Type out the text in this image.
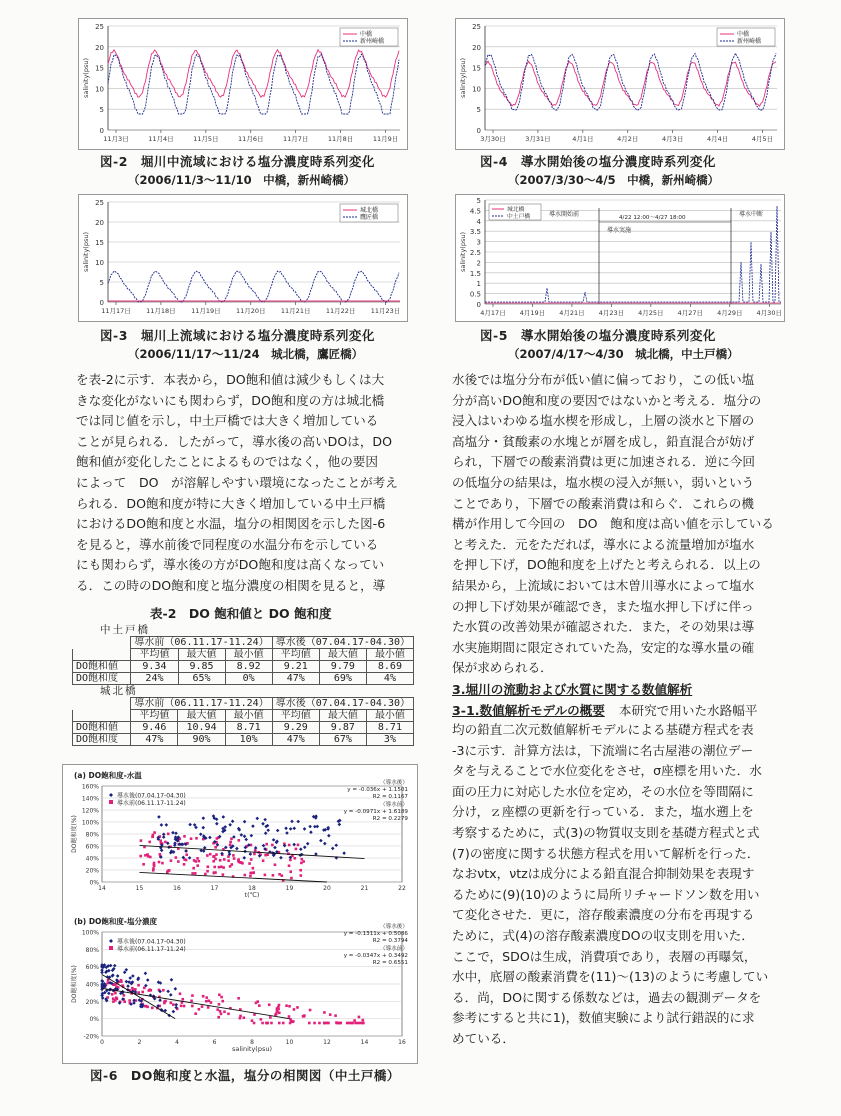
25
20
15
10
5
0
11月3日	11月4日	11月5日	11月6日	11月7日	11月8日	11月9日
salinity(psu)
中橋
新州崎橋
図-2　堀川中流域における塩分濃度時系列変化
（2006/11/3～11/10　中橋，新州崎橋）
25
20
15
10
5
0
11月17日 11月18日 11月19日 11月20日 11月21日 11月22日 11月23日
salinity(psu)
城北橋
鷹匠橋
図-3　堀川上流域における塩分濃度時系列変化
（2006/11/17～11/24　城北橋，鷹匠橋）
25
20
15
10
5
0
3月30日	3月31日	4月1日	4月2日	4月3日	4月4日	4月5日
salinity(psu)
中橋
新州崎橋
図-4　導水開始後の塩分濃度時系列変化
（2007/3/30～4/5　中橋，新州崎橋）
5
4.5
4
3.5
3
2.5
2
1.5
1
0.5
0
4月17日 4月19日 4月21日 4月23日 4月25日 4月27日 4月29日 4月30日
salinity(psu)
導水開始前	4/22 12:00～4/27 18:00
導水実施
導水中断
城北橋
中土戸橋
図-5　導水開始後の塩分濃度時系列変化
（2007/4/17～4/30　城北橋，中土戸橋）

を表-2に示す．本表から，DO飽和値は減少もしくは大

きな変化がないにも関わらず，DO飽和度の方は城北橋

では同じ値を示し，中土戸橋では大きく増加している

ことが見られる．したがって，導水後の高いDOは，DO

飽和値が変化したことによるものではなく，他の要因

によって　DO　が溶解しやすい環境になったことが考え

られる．DO飽和度が特に大きく増加している中土戸橋

におけるDO飽和度と水温，塩分の相関図を示した図-6

を見ると，導水前後で同程度の水温分布を示している

にも関わらず，導水後の方がDO飽和度は高くなってい

る．この時のDO飽和度と塩分濃度の相関を見ると，導

表-2　DO 飽和値と DO 飽和度
中土戸橋
	導水前（06.11.17-11.24）			導水後（07.04.17-04.30）		
	平均値	最大値	最小値	平均値	最大値	最小値
DO飽和値	9.34	9.85	8.92	9.21	9.79	8.69
DO飽和度	24%	65%	0%	47%	69%	4%
城北橋
	導水前（06.11.17-11.24）			導水後（07.04.17-04.30）		
	平均値	最大値	最小値	平均値	最大値	最小値
DO飽和値	9.46	10.94	8.71	9.29	9.87	8.71
DO飽和度	47%	90%	10%	47%	67%	3%
(a) DO飽和度-水温
160%
140%
120%
100%
80%
60%
40%
20%
0%
14	15	16	17	18	19	20	21	22
t(℃)
DO飽和度(%)
導水後(07.04.17-04.30)
導水前(06.11.17-11.24)
（導水後）
y = -0.036x + 1.1501
R2 = 0.1167
（導水前）
y = -0.0971x + 1.6189
R2 = 0.2279
(b) DO飽和度-塩分濃度
100%
80%
60%
40%
20%
0%
-20%
0	2	4	6	8	10	12	14	16
salinity(psu)
DO飽和度(%)
導水後(07.04.17-04.30)
導水前(06.11.17-11.24)
（導水後）
y = -0.1311x + 0.5086
R2 = 0.3794
（導水前）
y = -0.0347x + 0.3492
R2 = 0.6551
図-6　DO飽和度と水温，塩分の相関図（中土戸橋）

水後では塩分分布が低い値に偏っており，この低い塩

分が高いDO飽和度の要因ではないかと考える．塩分の

浸入はいわゆる塩水楔を形成し，上層の淡水と下層の

高塩分・貧酸素の水塊とが層を成し，鉛直混合が妨げ

られ，下層での酸素消費は更に加速される．逆に今回

の低塩分の結果は，塩水楔の浸入が無い，弱いという

ことであり，下層での酸素消費は和らぐ．これらの機

構が作用して今回の　DO　飽和度は高い値を示している

と考えた．元をただれば，導水による流量増加が塩水

を押し下げ，DO飽和度を上げたと考えられる．以上の

結果から，上流域においては木曽川導水によって塩水

の押し下げ効果が確認でき，また塩水押し下げに伴っ

た水質の改善効果が確認された．また，その効果は導

水実施期間に限定されていた為，安定的な導水量の確

保が求められる．

3.堀川の流動および水質に関する数値解析
3-1.数値解析モデルの概要 本研究で用いた水路幅平

均の鉛直二次元数値解析モデルによる基礎方程式を表

-3に示す．計算方法は，下流端に名古屋港の潮位デー

タを与えることで水位変化をさせ，σ座標を用いた．水

面の圧力に対応した水位を定め，その水位を等間隔に

分け，ｚ座標の更新を行っている．また，塩水遡上を

考察するために，式(3)の物質収支則を基礎方程式と式

(7)の密度に関する状態方程式を用いて解析を行った．

なおνtx，νtzは成分による鉛直混合抑制効果を表現す

るために(9)(10)のように局所リチャードソン数を用い

て変化させた．更に，溶存酸素濃度の分布を再現する

ために，式(4)の溶存酸素濃度DOの収支則を用いた．

ここで，SDOは生成，消費項であり，表層の再曝気，

水中，底層の酸素消費を(11)～(13)のように考慮してい

る．尚，DOに関する係数などは，過去の観測データを

参考にすると共に1)，数値実験により試行錯誤的に求

めている．
